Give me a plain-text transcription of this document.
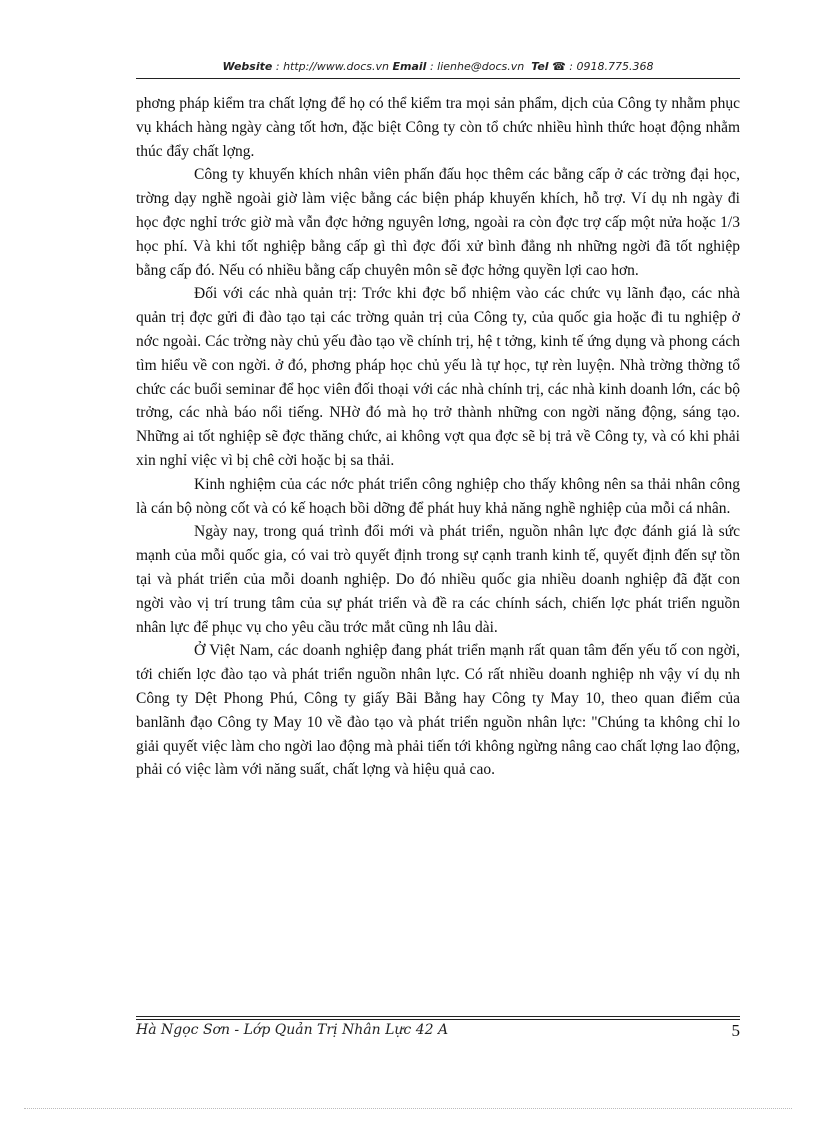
Website : http://www.docs.vn Email : lienhe@docs.vn Tel ☎ : 0918.775.368

phơng pháp kiểm tra chất lợng để họ có thể kiểm tra mọi sản phẩm, dịch của Công ty nhằm phục vụ khách hàng ngày càng tốt hơn, đặc biệt Công ty còn tổ chức nhiều hình thức hoạt động nhằm thúc đẩy chất lợng.

Công ty khuyến khích nhân viên phấn đấu học thêm các bằng cấp ở các trờng đại học, trờng dạy nghề ngoài giờ làm việc bằng các biện pháp khuyến khích, hỗ trợ. Ví dụ nh ngày đi học đợc nghỉ trớc giờ mà vẫn đợc hởng nguyên lơng, ngoài ra còn đợc trợ cấp một nửa hoặc 1/3 học phí. Và khi tốt nghiệp bằng cấp gì thì đợc đối xử bình đẳng nh những ngời đã tốt nghiệp bằng cấp đó. Nếu có nhiều bằng cấp chuyên môn sẽ đợc hởng quyền lợi cao hơn.

Đối với các nhà quản trị: Trớc khi đợc bổ nhiệm vào các chức vụ lãnh đạo, các nhà quản trị đợc gửi đi đào tạo tại các trờng quản trị của Công ty, của quốc gia hoặc đi tu nghiệp ở nớc ngoài. Các trờng này chủ yếu đào tạo về chính trị, hệ t tởng, kinh tế ứng dụng và phong cách tìm hiểu về con ngời. ở đó, phơng pháp học chủ yếu là tự học, tự rèn luyện. Nhà trờng thờng tổ chức các buổi seminar để học viên đối thoại với các nhà chính trị, các nhà kinh doanh lớn, các bộ trởng, các nhà báo nổi tiếng. NHờ đó mà họ trở thành những con ngời năng động, sáng tạo. Những ai tốt nghiệp sẽ đợc thăng chức, ai không vợt qua đợc sẽ bị trả về Công ty, và có khi phải xin nghỉ việc vì bị chê cời hoặc bị sa thải.

Kinh nghiệm của các nớc phát triển công nghiệp cho thấy không nên sa thải nhân công là cán bộ nòng cốt và có kế hoạch bồi dỡng để phát huy khả năng nghề nghiệp của mỗi cá nhân.

Ngày nay, trong quá trình đổi mới và phát triển, nguồn nhân lực đợc đánh giá là sức mạnh của mỗi quốc gia, có vai trò quyết định trong sự cạnh tranh kinh tế, quyết định đến sự tồn tại và phát triển của mỗi doanh nghiệp. Do đó nhiều quốc gia nhiều doanh nghiệp đã đặt con ngời vào vị trí trung tâm của sự phát triển và đề ra các chính sách, chiến lợc phát triển nguồn nhân lực để phục vụ cho yêu cầu trớc mắt cũng nh lâu dài.

Ở Việt Nam, các doanh nghiệp đang phát triển mạnh rất quan tâm đến yếu tố con ngời, tới chiến lợc đào tạo và phát triển nguồn nhân lực. Có rất nhiều doanh nghiệp nh vậy ví dụ nh Công ty Dệt Phong Phú, Công ty giấy Bãi Bằng hay Công ty May 10, theo quan điểm của banlãnh đạo Công ty May 10 về đào tạo và phát triển nguồn nhân lực: "Chúng ta không chỉ lo giải quyết việc làm cho ngời lao động mà phải tiến tới không ngừng nâng cao chất lợng lao động, phải có việc làm với năng suất, chất lợng và hiệu quả cao.

Hà Ngọc Sơn - Lớp Quản Trị Nhân Lực 42 A	5
